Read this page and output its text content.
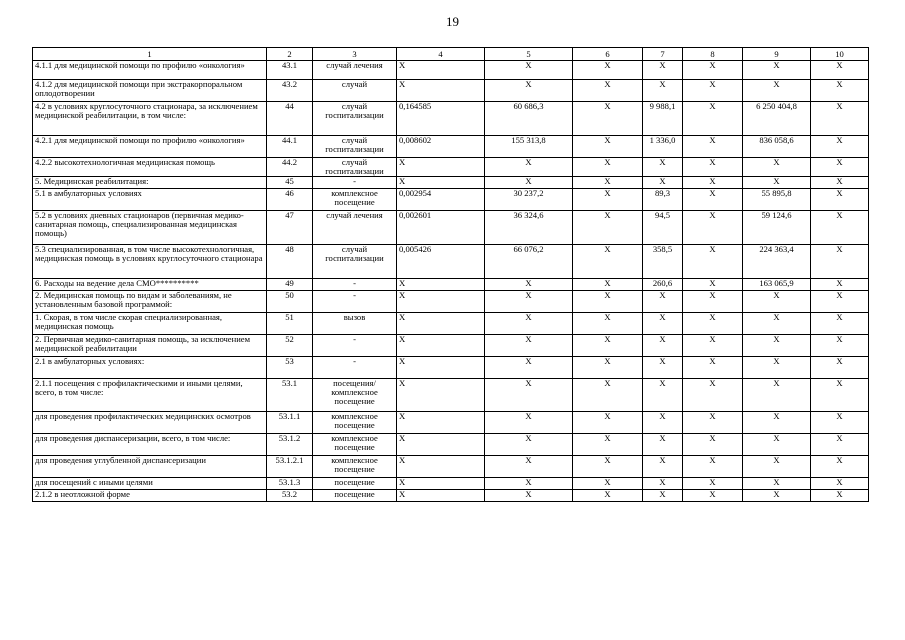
19
1	2	3	4	5	6	7	8	9	10
4.1.1 для медицинской помощи по профилю «онкология»	43.1	случай лечения	X	X	X	X	X	X	X
4.1.2 для медицинской помощи при экстракорпоральном оплодотворении	43.2	случай	X	X	X	X	X	X	X
4.2 в условиях круглосуточного стационара, за исключением медицинской реабилитации, в том числе:	44	случай госпитализации	0,164585	60 686,3	X	9 988,1	X	6 250 404,8	X
4.2.1 для медицинской помощи по профилю «онкология»	44.1	случай госпитализации	0,008602	155 313,8	X	1 336,0	X	836 058,6	X
4.2.2 высокотехнологичная медицинская помощь	44.2	случай госпитализации	X	X	X	X	X	X	X
5. Медицинская реабилитация:	45	-	X	X	X	X	X	X	X
5.1 в амбулаторных условиях	46	комплексное посещение	0,002954	30 237,2	X	89,3	X	55 895,8	X
5.2 в условиях дневных стационаров (первичная медико-санитарная помощь, специализированная медицинская помощь)	47	случай лечения	0,002601	36 324,6	X	94,5	X	59 124,6	X
5.3 специализированная, в том числе высокотехнологичная, медицинская помощь в условиях круглосуточного стационара	48	случай госпитализации	0,005426	66 076,2	X	358,5	X	224 363,4	X
6. Расходы на ведение дела СМО**********	49	-	X	X	X	260,6	X	163 065,9	X
2. Медицинская помощь по видам и заболеваниям, не установленным базовой программой:	50	-	X	X	X	X	X	X	X
1. Скорая, в том числе скорая специализированная, медицинская помощь	51	вызов	X	X	X	X	X	X	X
2. Первичная медико-санитарная помощь, за исключением медицинской реабилитации	52	-	X	X	X	X	X	X	X
2.1 в амбулаторных условиях:	53	-	X	X	X	X	X	X	X
2.1.1 посещения с профилактическими и иными целями, всего, в том числе:	53.1	посещения/ комплексное посещение	X	X	X	X	X	X	X
для проведения профилактических медицинских осмотров	53.1.1	комплексное посещение	X	X	X	X	X	X	X
для проведения диспансеризации, всего, в том числе:	53.1.2	комплексное посещение	X	X	X	X	X	X	X
для проведения углубленной диспансеризации	53.1.2.1	комплексное посещение	X	X	X	X	X	X	X
для посещений с иными целями	53.1.3	посещение	X	X	X	X	X	X	X
2.1.2 в неотложной форме	53.2	посещение	X	X	X	X	X	X	X
